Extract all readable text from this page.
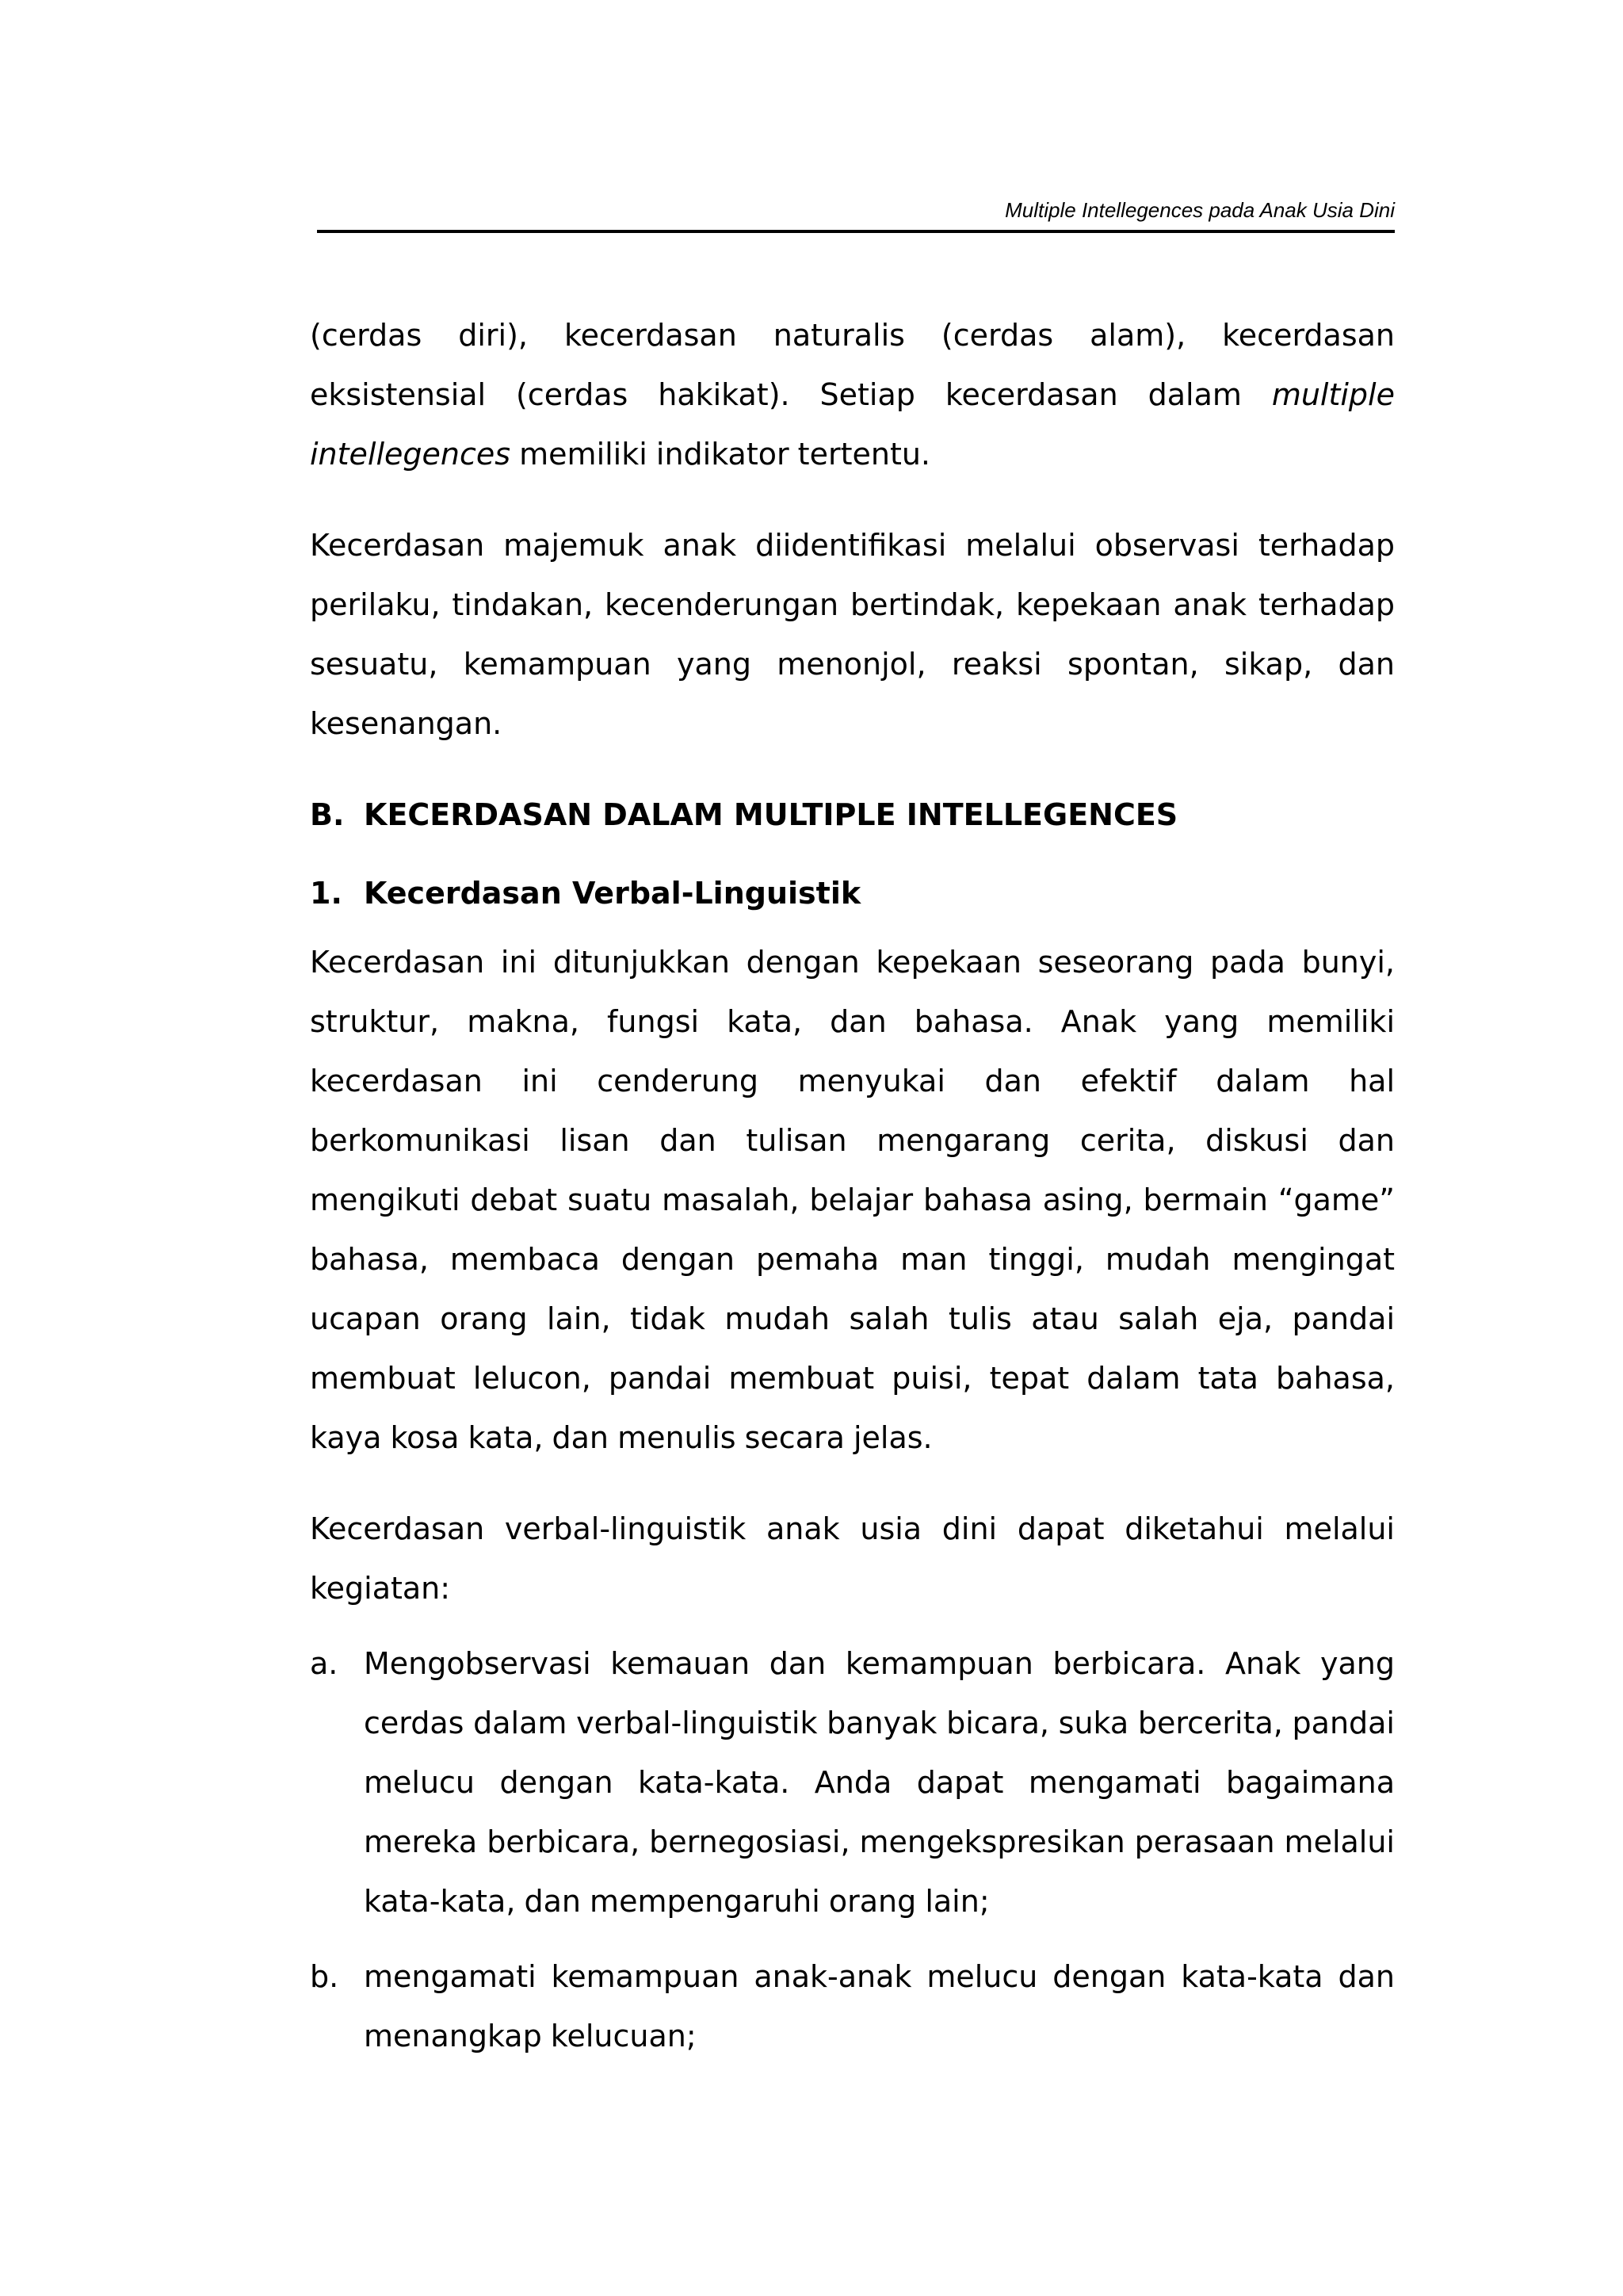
Multiple Intellegences pada Anak Usia Dini

(cerdas diri), kecerdasan naturalis (cerdas alam), kecerdasan eksistensial (cerdas hakikat). Setiap kecerdasan dalam multiple intellegences memiliki indikator tertentu.

Kecerdasan majemuk anak diidentifikasi melalui observasi terhadap perilaku, tindakan, kecenderungan bertindak, kepekaan anak terhadap sesuatu, kemampuan yang menonjol, reaksi spontan, sikap, dan kesenangan.

B. KECERDASAN DALAM MULTIPLE INTELLEGENCES
1. Kecerdasan Verbal-Linguistik

Kecerdasan ini ditunjukkan dengan kepekaan seseorang pada bunyi, struktur, makna, fungsi kata, dan bahasa. Anak yang memiliki kecerdasan ini cenderung menyukai dan efektif dalam hal berkomunikasi lisan dan tulisan mengarang cerita, diskusi dan mengikuti debat suatu masalah, belajar bahasa asing, bermain “game” bahasa, membaca dengan pemaha man tinggi, mudah mengingat ucapan orang lain, tidak mudah salah tulis atau salah eja, pandai membuat lelucon, pandai membuat puisi, tepat dalam tata bahasa, kaya kosa kata, dan menulis secara jelas.

Kecerdasan verbal-linguistik anak usia dini dapat diketahui melalui kegiatan:

a. Mengobservasi kemauan dan kemampuan berbicara. Anak yang cerdas dalam verbal-linguistik banyak bicara, suka bercerita, pandai melucu dengan kata-kata. Anda dapat mengamati bagaimana mereka berbicara, bernegosiasi, mengekspresikan perasaan melalui kata-kata, dan mempengaruhi orang lain;
b. mengamati kemampuan anak-anak melucu dengan kata-kata dan menangkap kelucuan;
